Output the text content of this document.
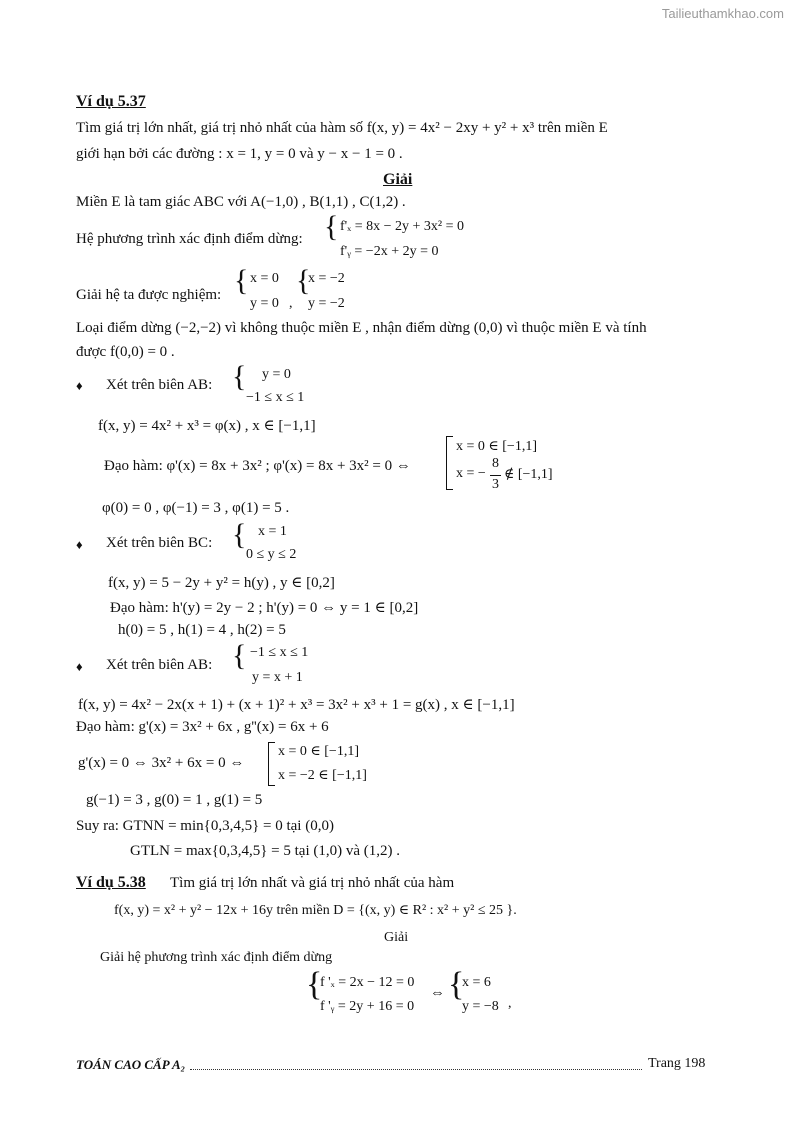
Tailieuthamkhao.com
Ví dụ 5.37
Tìm giá trị lớn nhất, giá trị nhỏ nhất của hàm số f(x, y) = 4x² − 2xy + y² + x³ trên miền E
giới hạn bởi các đường : x = 1, y = 0 và y − x − 1 = 0 .
Giải
Miền E là tam giác ABC với A(−1,0) , B(1,1) , C(1,2) .
Hệ phương trình xác định điểm dừng: { f'ₓ = 8x − 2y + 3x² = 0
f'ᵧ = −2x + 2y = 0
Giải hệ ta được nghiệm: { x = 0
y = 0 ,
{
x = −2
y = −2
Loại điểm dừng (−2,−2) vì không thuộc miền E , nhận điểm dừng (0,0) vì thuộc miền E và tính
được f(0,0) = 0 .
♦ Xét trên biên AB: { y = 0
−1 ≤ x ≤ 1
f(x, y) = 4x² + x³ = φ(x) , x ∈ [−1,1]
Đạo hàm: φ'(x) = 8x + 3x² ; φ'(x) = 8x + 3x² = 0 ⇔
x = 0 ∈ [−1,1]
x = −
8
3
∉ [−1,1]
φ(0) = 0 , φ(−1) = 3 , φ(1) = 5 .
♦ Xét trên biên BC: { x = 1
0 ≤ y ≤ 2
f(x, y) = 5 − 2y + y² = h(y) , y ∈ [0,2]
Đạo hàm: h'(y) = 2y − 2 ; h'(y) = 0 ⇔ y = 1 ∈ [0,2]
h(0) = 5 , h(1) = 4 , h(2) = 5
♦ Xét trên biên AB: { −1 ≤ x ≤ 1
y = x + 1
f(x, y) = 4x² − 2x(x + 1) + (x + 1)² + x³ = 3x² + x³ + 1 = g(x) , x ∈ [−1,1]
Đạo hàm: g'(x) = 3x² + 6x , g''(x) = 6x + 6
g'(x) = 0 ⇔ 3x² + 6x = 0 ⇔
x = 0 ∈ [−1,1]
x = −2 ∈ [−1,1]
g(−1) = 3 , g(0) = 1 , g(1) = 5
Suy ra: GTNN = min{0,3,4,5} = 0 tại (0,0)
GTLN = max{0,3,4,5} = 5 tại (1,0) và (1,2) .
Ví dụ 5.38 Tìm giá trị lớn nhất và giá trị nhỏ nhất của hàm
f(x, y) = x² + y² − 12x + 16y trên miền D = {(x, y) ∈ R² : x² + y² ≤ 25 }.
Giải
Giải hệ phương trình xác định điểm dừng
{
f 'ₓ = 2x − 12 = 0
f 'ᵧ = 2y + 16 = 0
⇔ {
x = 6
y = −8 ,
TOÁN CAO CẤP A₂	Trang 198
